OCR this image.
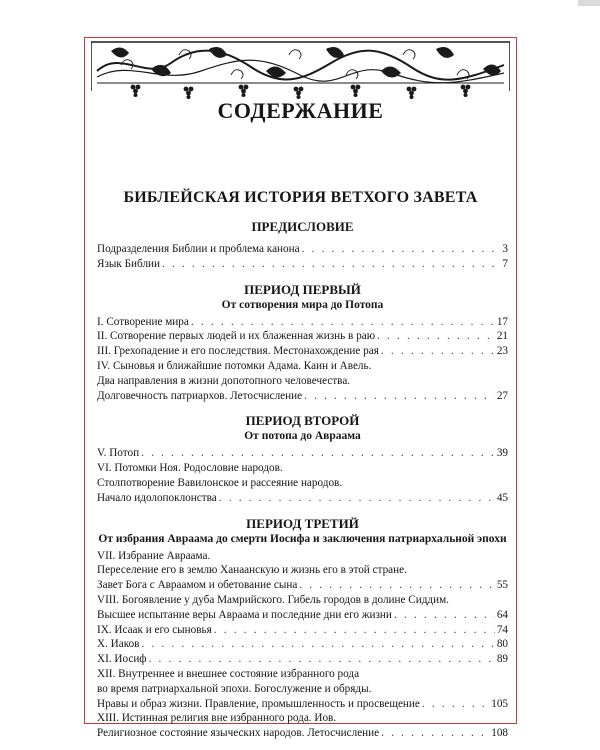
СОДЕРЖАНИЕ
БИБЛЕЙСКАЯ ИСТОРИЯ ВЕТХОГО ЗАВЕТА
ПРЕДИСЛОВИЕ
Подразделения Библии и проблема канона . . .	3
Язык Библии . . .	7
ПЕРИОД ПЕРВЫЙ
От сотворения мира до Потопа
I. Сотворение мира . . .	17
II. Сотворение первых людей и их блаженная жизнь в раю . . .	21
III. Грехопадение и его последствия. Местонахождение рая . . .	23
IV. Сыновья и ближайшие потомки Адама. Каин и Авель.
Два направления в жизни допотопного человечества.
Долговечность патриархов. Летосчисление . . .	27
ПЕРИОД ВТОРОЙ
От потопа до Авраама
V. Потоп . . .	39
VI. Потомки Ноя. Родословие народов.
Столпотворение Вавилонское и рассеяние народов.
Начало идолопоклонства . . .	45
ПЕРИОД ТРЕТИЙ
От избрания Авраама до смерти Иосифа и заключения патриархальной эпохи
VII. Избрание Авраама.
Переселение его в землю Ханаанскую и жизнь его в этой стране.
Завет Бога с Авраамом и обетование сына . . .	55
VIII. Богоявление у дуба Мамрийского. Гибель городов в долине Сиддим.
Высшее испытание веры Авраама и последние дни его жизни . . .	64
IX. Исаак и его сыновья . . .	74
X. Иаков . . .	80
XI. Иосиф . . .	89
XII. Внутреннее и внешнее состояние избранного рода
во время патриархальной эпохи. Богослужение и обряды.
Нравы и образ жизни. Правление, промышленность и просвещение . . .	105
XIII. Истинная религия вне избранного рода. Иов.
Религиозное состояние языческих народов. Летосчисление . . .	108
